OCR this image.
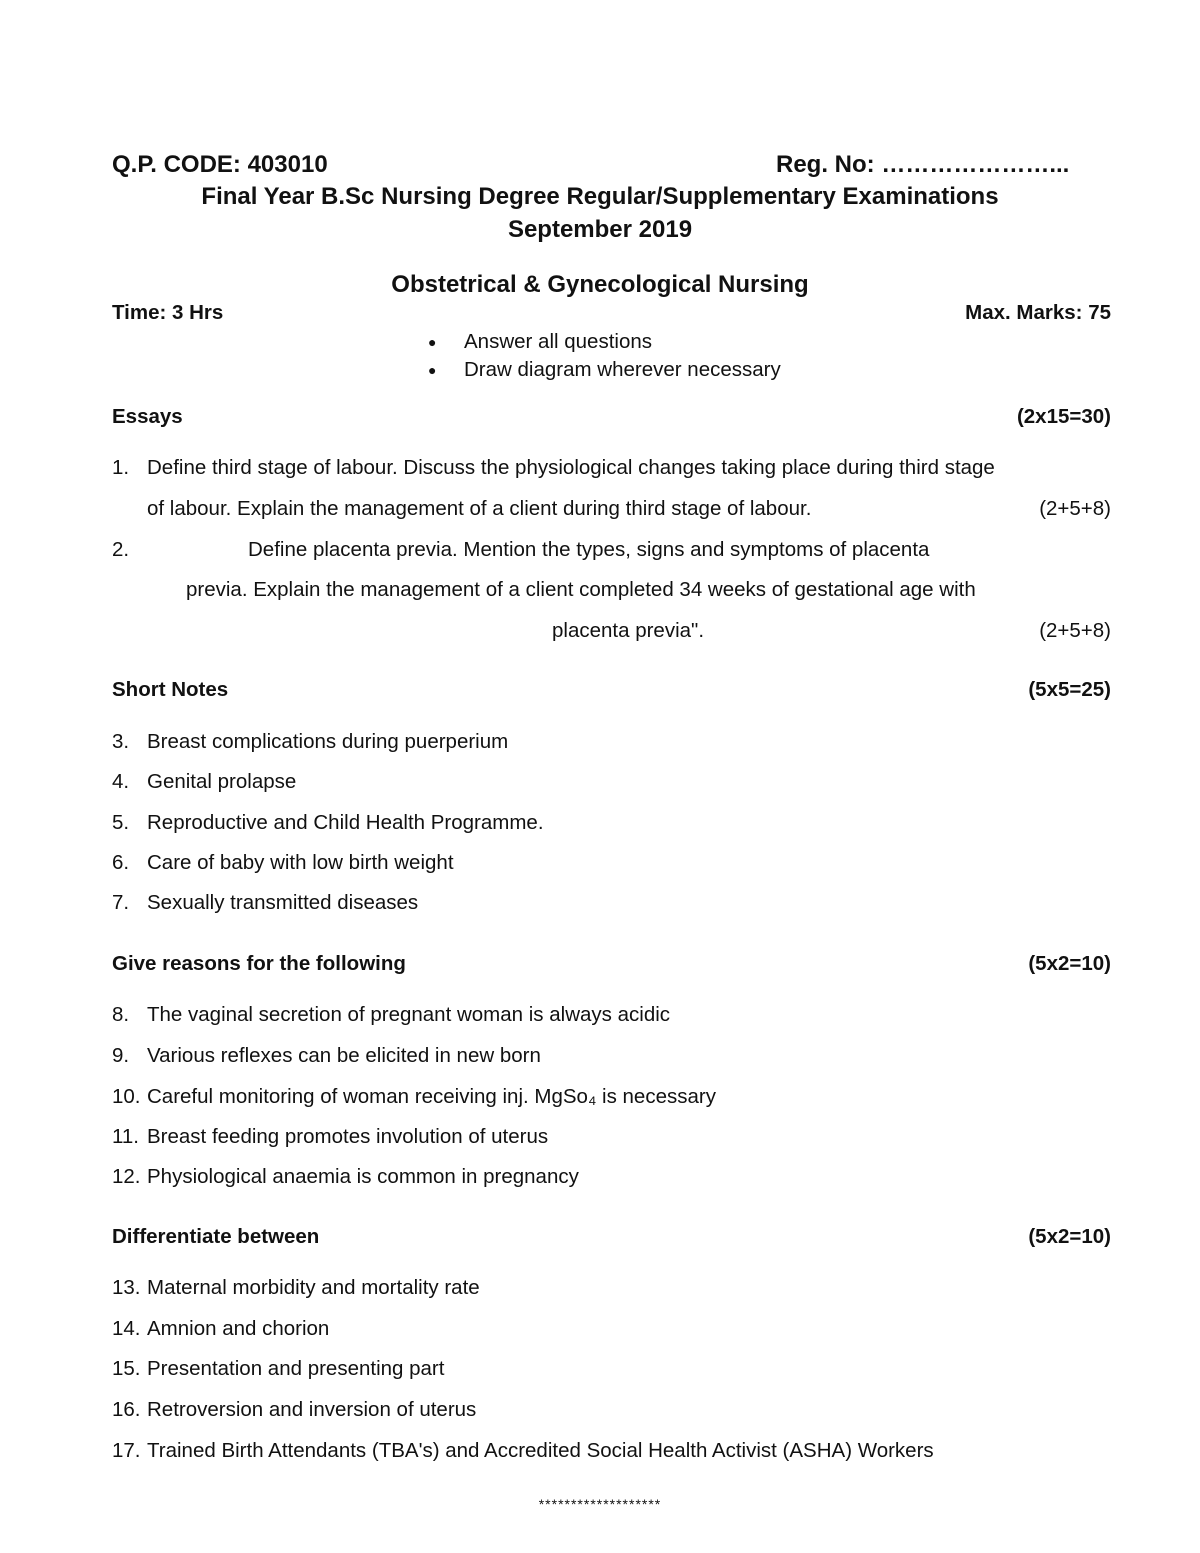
Q.P. CODE: 403010	Reg. No: …………………...
Final Year B.Sc Nursing Degree Regular/Supplementary Examinations
September 2019
Obstetrical & Gynecological Nursing
Time: 3 Hrs	Max. Marks: 75
● Answer all questions
● Draw diagram wherever necessary
Essays	(2x15=30)
1. Define third stage of labour. Discuss the physiological changes taking place during third stage
of labour. Explain the management of a client during third stage of labour.	(2+5+8)
2.	Define placenta previa. Mention the types, signs and symptoms of placenta
previa. Explain the management of a client completed 34 weeks of gestational age with
placenta previa".	(2+5+8)
Short Notes	(5x5=25)
3. Breast complications during puerperium
4. Genital prolapse
5. Reproductive and Child Health Programme.
6. Care of baby with low birth weight
7. Sexually transmitted diseases
Give reasons for the following	(5x2=10)
8. The vaginal secretion of pregnant woman is always acidic
9. Various reflexes can be elicited in new born
10. Careful monitoring of woman receiving inj. MgSo₄ is necessary
11. Breast feeding promotes involution of uterus
12. Physiological anaemia is common in pregnancy
Differentiate between	(5x2=10)
13. Maternal morbidity and mortality rate
14. Amnion and chorion
15. Presentation and presenting part
16. Retroversion and inversion of uterus
17. Trained Birth Attendants (TBA's) and Accredited Social Health Activist (ASHA) Workers
*******************
